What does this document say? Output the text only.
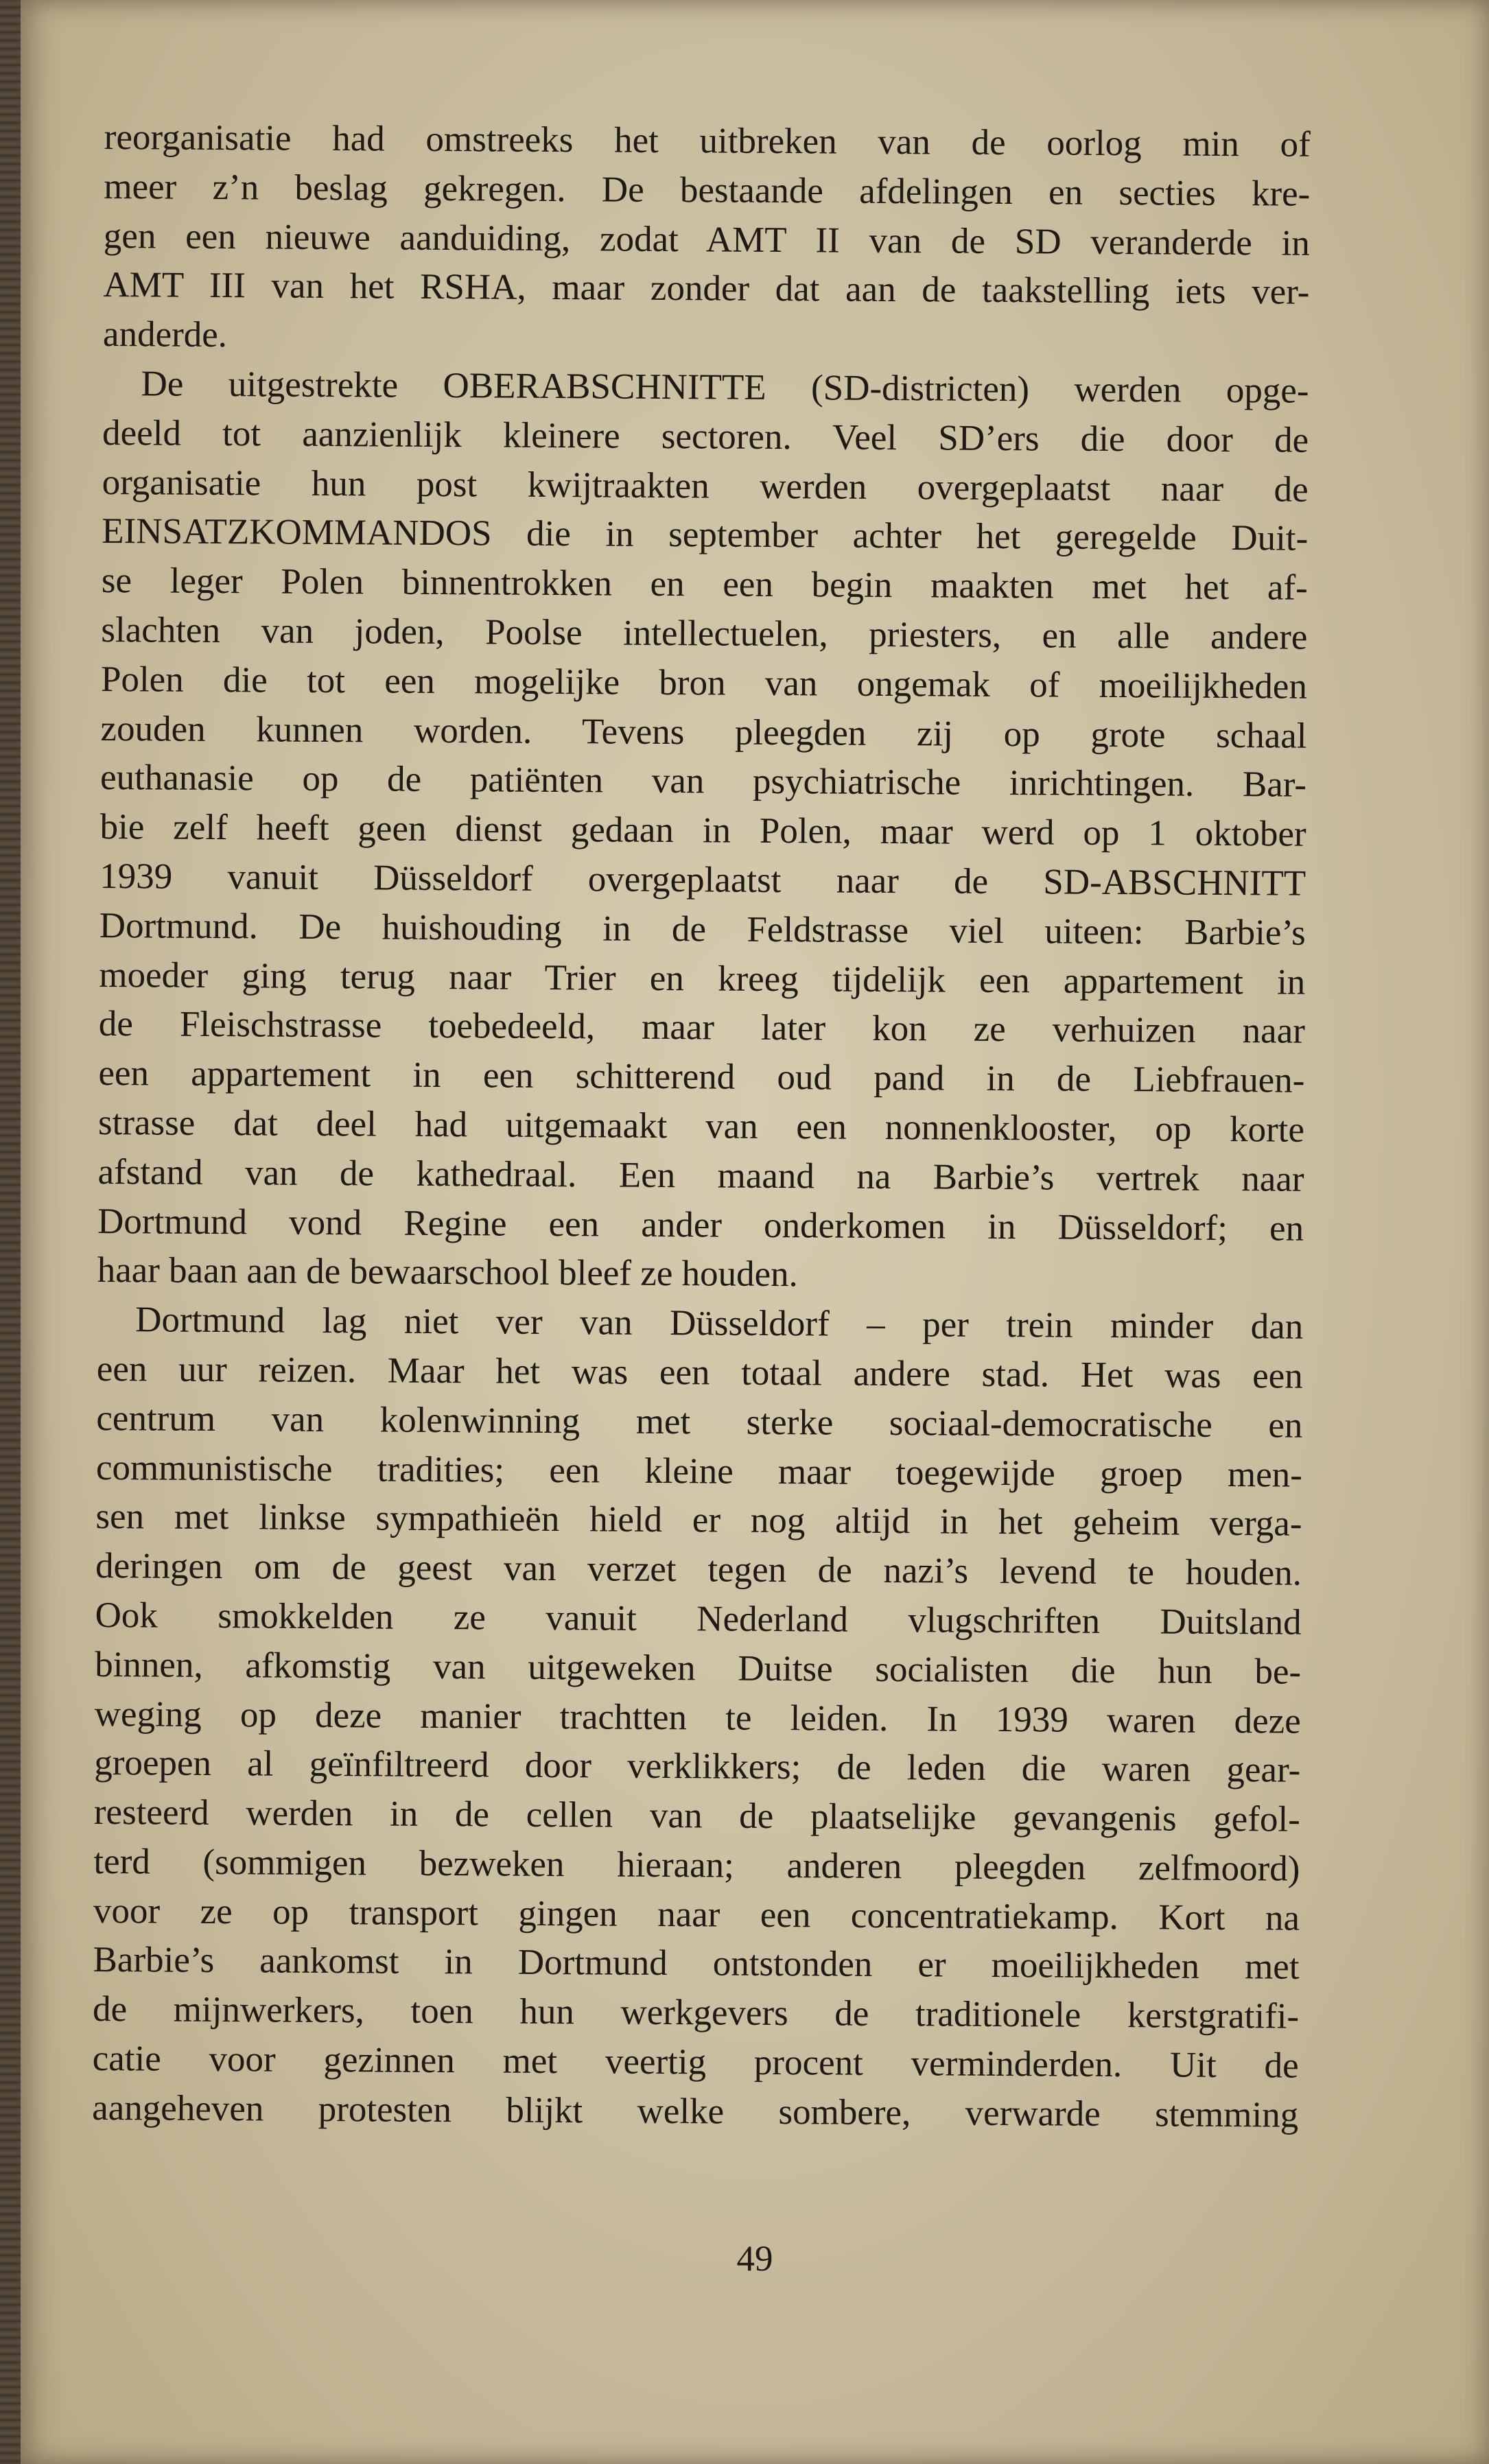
reorganisatie had omstreeks het uitbreken van de oorlog min of
meer z’n beslag gekregen. De bestaande afdelingen en secties kre-
gen een nieuwe aanduiding, zodat AMT II van de SD veranderde in
AMT III van het RSHA, maar zonder dat aan de taakstelling iets ver-
anderde.
De uitgestrekte OBERABSCHNITTE (SD-districten) werden opge-
deeld tot aanzienlijk kleinere sectoren. Veel SD’ers die door de
organisatie hun post kwijtraakten werden overgeplaatst naar de
EINSATZKOMMANDOS die in september achter het geregelde Duit-
se leger Polen binnentrokken en een begin maakten met het af-
slachten van joden, Poolse intellectuelen, priesters, en alle andere
Polen die tot een mogelijke bron van ongemak of moeilijkheden
zouden kunnen worden. Tevens pleegden zij op grote schaal
euthanasie op de patiënten van psychiatrische inrichtingen. Bar-
bie zelf heeft geen dienst gedaan in Polen, maar werd op 1 oktober
1939 vanuit Düsseldorf overgeplaatst naar de SD-ABSCHNITT
Dortmund. De huishouding in de Feldstrasse viel uiteen: Barbie’s
moeder ging terug naar Trier en kreeg tijdelijk een appartement in
de Fleischstrasse toebedeeld, maar later kon ze verhuizen naar
een appartement in een schitterend oud pand in de Liebfrauen-
strasse dat deel had uitgemaakt van een nonnenklooster, op korte
afstand van de kathedraal. Een maand na Barbie’s vertrek naar
Dortmund vond Regine een ander onderkomen in Düsseldorf; en
haar baan aan de bewaarschool bleef ze houden.
Dortmund lag niet ver van Düsseldorf – per trein minder dan
een uur reizen. Maar het was een totaal andere stad. Het was een
centrum van kolenwinning met sterke sociaal-democratische en
communistische tradities; een kleine maar toegewijde groep men-
sen met linkse sympathieën hield er nog altijd in het geheim verga-
deringen om de geest van verzet tegen de nazi’s levend te houden.
Ook smokkelden ze vanuit Nederland vlugschriften Duitsland
binnen, afkomstig van uitgeweken Duitse socialisten die hun be-
weging op deze manier trachtten te leiden. In 1939 waren deze
groepen al geïnfiltreerd door verklikkers; de leden die waren gear-
resteerd werden in de cellen van de plaatselijke gevangenis gefol-
terd (sommigen bezweken hieraan; anderen pleegden zelfmoord)
voor ze op transport gingen naar een concentratiekamp. Kort na
Barbie’s aankomst in Dortmund ontstonden er moeilijkheden met
de mijnwerkers, toen hun werkgevers de traditionele kerstgratifi-
catie voor gezinnen met veertig procent verminderden. Uit de
aangeheven protesten blijkt welke sombere, verwarde stemming
49
